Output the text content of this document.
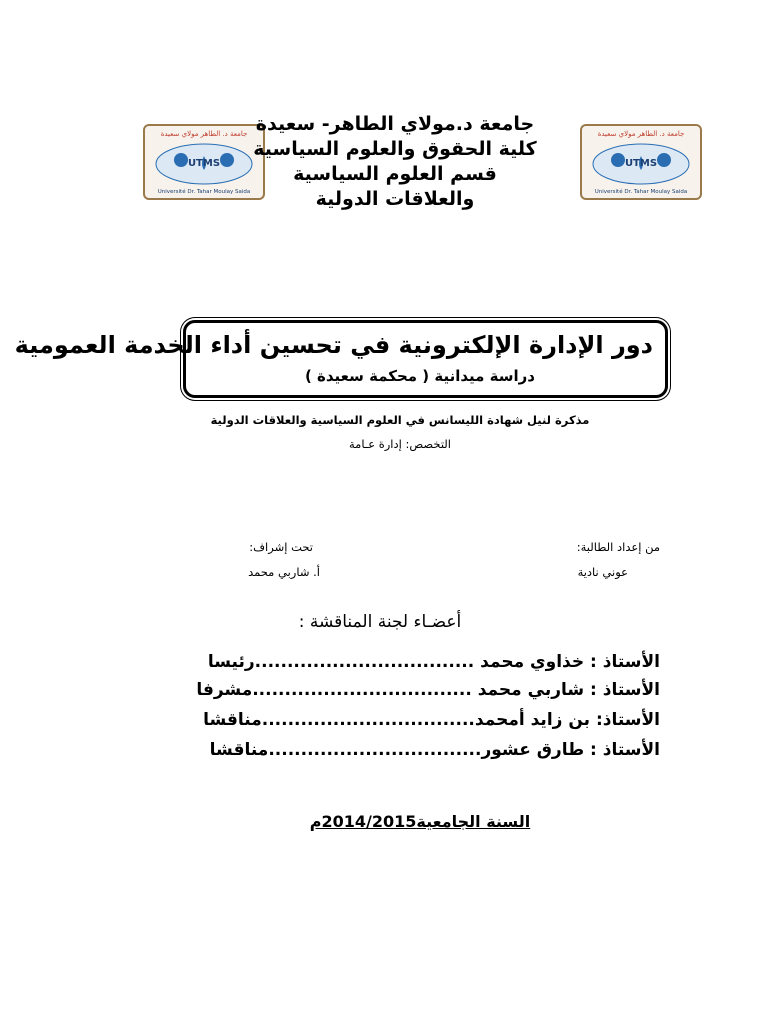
جامعة د. الطاهر مولاي سعيدة
UTMS
Université Dr. Tahar Moulay Saida
جامعة د. الطاهر مولاي سعيدة
UTMS
Université Dr. Tahar Moulay Saida
جامعة د.مولاي الطاهر- سعيدة
كلية الحقوق والعلوم السياسية
قسم العلوم السياسية
والعلاقات الدولية
دور الإدارة الإلكترونية في تحسين أداء الخدمة العمومية
دراسة ميدانية ( محكمة سعيدة )
مذكرة لنيل شهادة الليسانس في العلوم السياسية والعلاقات الدولية
التخصص: إدارة عـامة
من إعداد الطالبة:
عوني نادية
تحت إشراف:
أ. شاربي محمد
أعضـاء لجنة المناقشة :
الأستاذ : خذاوي محمد ..................................رئيسا
الأستاذ : شاربي محمد ..................................مشرفا
الأستاذ: بن زايد أمحمد.................................مناقشا
الأستاذ : طارق عشور.................................مناقشا
السنة الجامعية2014/2015م
